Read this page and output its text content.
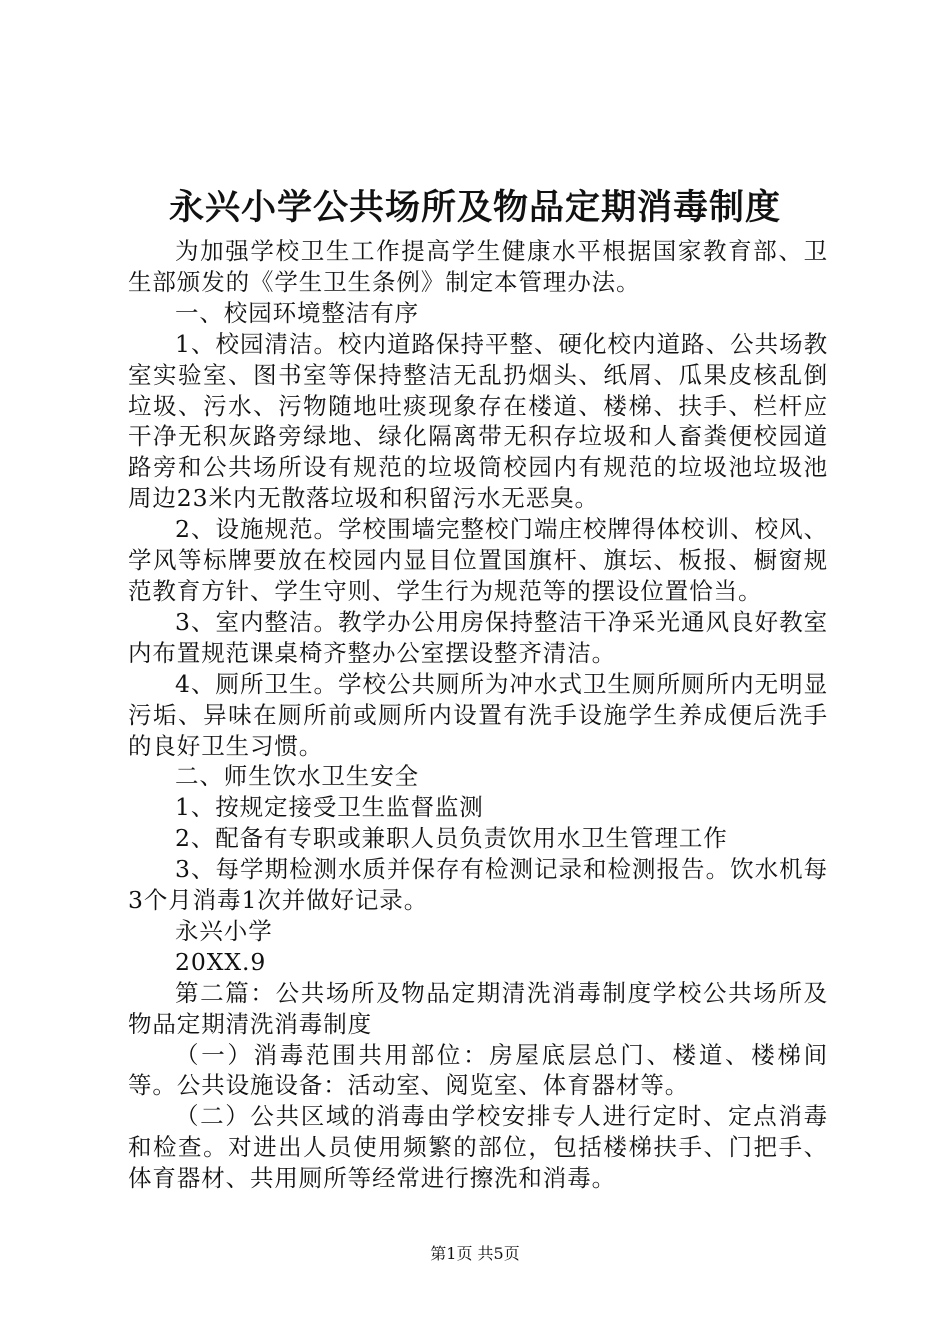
永兴小学公共场所及物品定期消毒制度

为加强学校卫生工作提高学生健康水平根据国家教育部、卫生部颁发的《学生卫生条例》制定本管理办法。

一、校园环境整洁有序

1、校园清洁。校内道路保持平整、硬化校内道路、公共场教室实验室、图书室等保持整洁无乱扔烟头、纸屑、瓜果皮核乱倒垃圾、污水、污物随地吐痰现象存在楼道、楼梯、扶手、栏杆应干净无积灰路旁绿地、绿化隔离带无积存垃圾和人畜粪便校园道路旁和公共场所设有规范的垃圾筒校园内有规范的垃圾池垃圾池周边23米内无散落垃圾和积留污水无恶臭。

2、设施规范。学校围墙完整校门端庄校牌得体校训、校风、学风等标牌要放在校园内显目位置国旗杆、旗坛、板报、橱窗规范教育方针、学生守则、学生行为规范等的摆设位置恰当。

3、室内整洁。教学办公用房保持整洁干净采光通风良好教室内布置规范课桌椅齐整办公室摆设整齐清洁。

4、厕所卫生。学校公共厕所为冲水式卫生厕所厕所内无明显污垢、异味在厕所前或厕所内设置有洗手设施学生养成便后洗手的良好卫生习惯。

二、师生饮水卫生安全

1、按规定接受卫生监督监测

2、配备有专职或兼职人员负责饮用水卫生管理工作

3、每学期检测水质并保存有检测记录和检测报告。饮水机每3个月消毒1次并做好记录。

永兴小学

20XX.9

第二篇：公共场所及物品定期清洗消毒制度学校公共场所及物品定期清洗消毒制度

（一）消毒范围共用部位：房屋底层总门、楼道、楼梯间等。公共设施设备：活动室、阅览室、体育器材等。

（二）公共区域的消毒由学校安排专人进行定时、定点消毒和检查。对进出人员使用频繁的部位，包括楼梯扶手、门把手、体育器材、共用厕所等经常进行擦洗和消毒。

第1页 共5页
